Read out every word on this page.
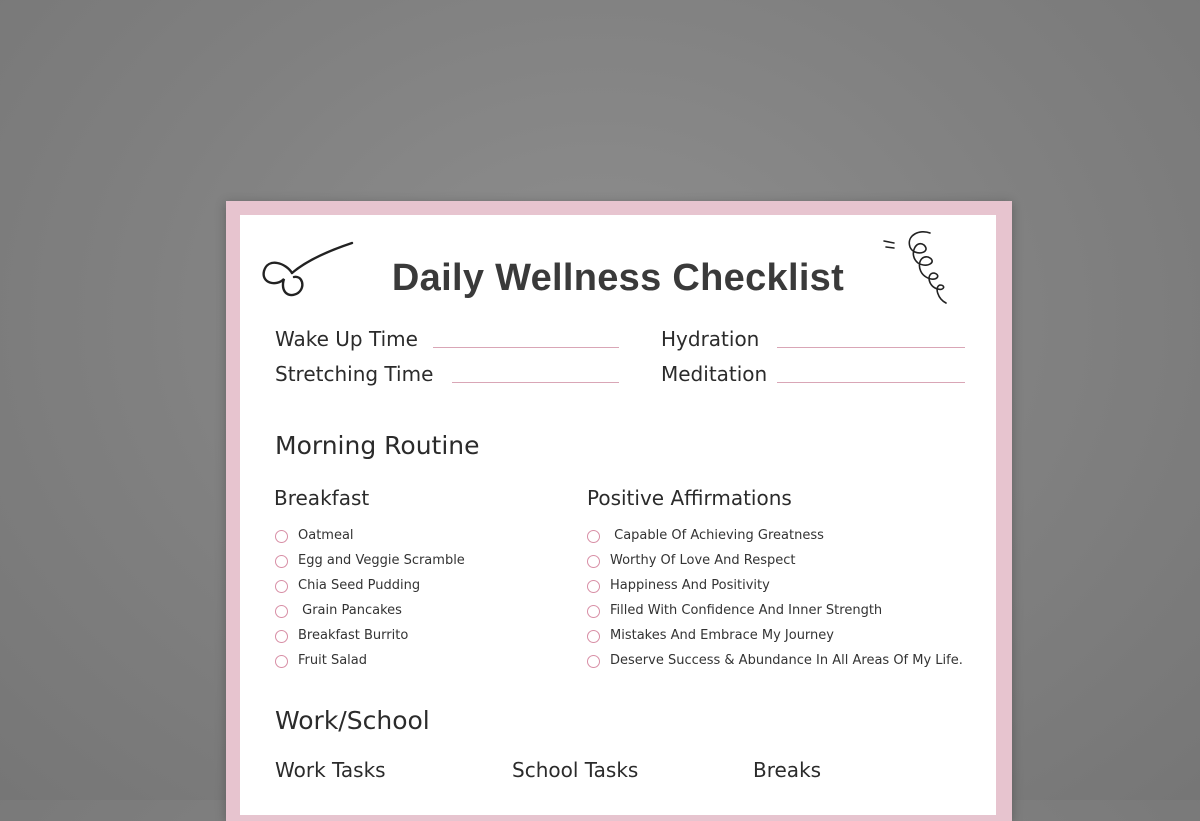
Daily Wellness Checklist
Wake Up Time
Stretching Time
Hydration
Meditation
Morning Routine
Breakfast
Oatmeal
Egg and Veggie Scramble
Chia Seed Pudding
Grain Pancakes
Breakfast Burrito
Fruit Salad
Positive Affirmations
Capable Of Achieving Greatness
Worthy Of Love And Respect
Happiness And Positivity
Filled With Confidence And Inner Strength
Mistakes And Embrace My Journey
Deserve Success & Abundance In All Areas Of My Life.
Work/School
Work Tasks	School Tasks	Breaks
